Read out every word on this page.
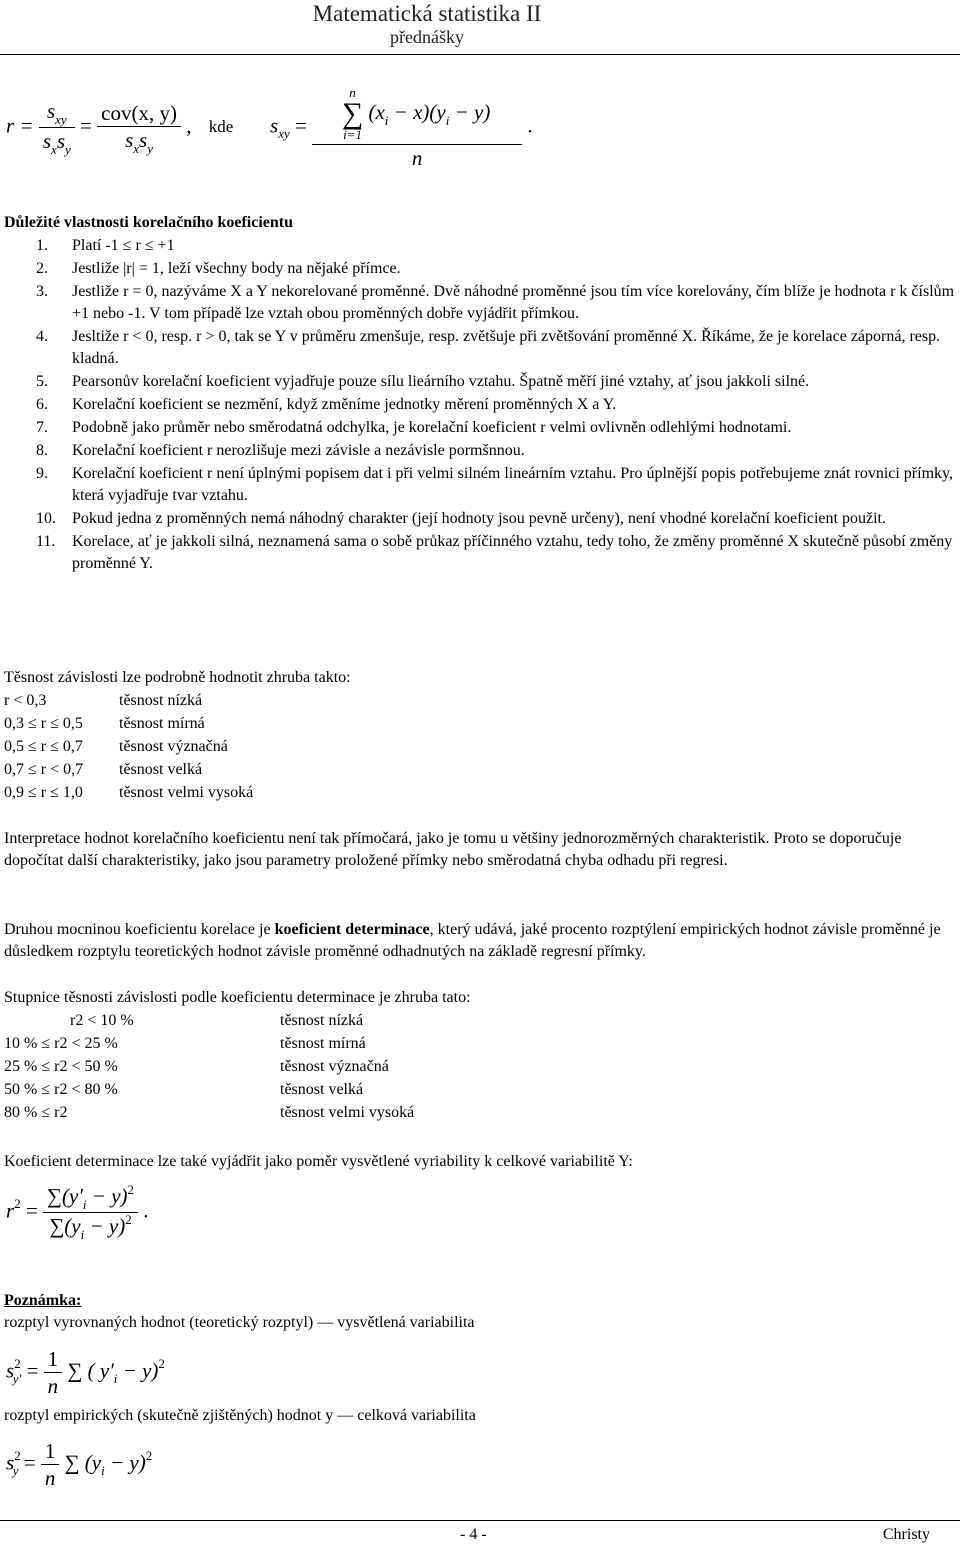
Matematická statistika II
přednášky
$r = \frac{s_{xy}}{s_xs_y} = \frac{\text{cov(x, y)}}{s_xs_y}$ , kde $s_{xy} = n$
∑
i=1
$(x_i - x)(y_i - y)$
n .
Důležité vlastnosti korelačního koeficientu
1. Platí -1 ≤ r ≤ +1
2. Jestliže |r| = 1, leží všechny body na nějaké přímce.
3. Jestliže r = 0, nazýváme X a Y nekorelované proměnné. Dvě náhodné proměnné jsou tím více korelovány, čím blíže je hodnota r k číslům +1 nebo -1. V tom případě lze vztah obou proměnných dobře vyjádřit přímkou.
4. Jesltiže r < 0, resp. r > 0, tak se Y v průměru zmenšuje, resp. zvětšuje při zvětšování proměnné X. Říkáme, že je korelace záporná, resp. kladná.
5. Pearsonův korelační koeficient vyjadřuje pouze sílu lieárního vztahu. Špatně měří jiné vztahy, ať jsou jakkoli silné.
6. Korelační koeficient se nezmění, když změníme jednotky měrení proměnných X a Y.
7. Podobně jako průměr nebo směrodatná odchylka, je korelační koeficient r velmi ovlivněn odlehlými hodnotami.
8. Korelační koeficient r nerozlišuje mezi závisle a nezávisle pormšnnou.
9. Korelační koeficient r není úplnými popisem dat i při velmi silném lineárním vztahu. Pro úplnější popis potřebujeme znát rovnici přímky, která vyjadřuje tvar vztahu.
10. Pokud jedna z proměnných nemá náhodný charakter (její hodnoty jsou pevně určeny), není vhodné korelační koeficient použit.
11. Korelace, ať je jakkoli silná, neznamená sama o sobě průkaz příčinného vztahu, tedy toho, že změny proměnné X skutečně působí změny proměnné Y.
Těsnost závislosti lze podrobně hodnotit zhruba takto:
r < 0,3	těsnost nízká
0,3 ≤ r ≤ 0,5 těsnost mírná
0,5 ≤ r ≤ 0,7 těsnost význačná
0,7 ≤ r < 0,7 těsnost velká
0,9 ≤ r ≤ 1,0 těsnost velmi vysoká
Interpretace hodnot korelačního koeficientu není tak přímočará, jako je tomu u většiny jednorozměrných charakteristik. Proto se doporučuje dopočítat další charakteristiky, jako jsou parametry proložené přímky nebo směrodatná chyba odhadu při regresi.
Druhou mocninou koeficientu korelace je koeficient determinace, který udává, jaké procento rozptýlení empirických hodnot závisle proměnné je důsledkem rozptylu teoretických hodnot závisle proměnné odhadnutých na základě regresní přímky.
Stupnice těsnosti závislosti podle koeficientu determinace je zhruba tato:
r2 < 10 %	těsnost nízká
10 % ≤ r2 < 25 %	těsnost mírná
25 % ≤ r2 < 50 %	těsnost význačná
50 % ≤ r2 < 80 %	těsnost velká
80 % ≤ r2	těsnost velmi vysoká
Koeficient determinace lze také vyjádřit jako poměr vysvětlené vyriability k celkové variabilitě Y:
$r^2 = \frac{\sum(y'_i - y)^2}{\sum(y_i - y)^2}$ .
Poznámka:
rozptyl vyrovnaných hodnot (teoretický rozptyl) — vysvětlená variabilita
$s^2_{y'} = \frac{1}{n}$ ∑ ( $y'_i - y)^2$
rozptyl empirických (skutečně zjištěných) hodnot y — celková variabilita
$s^2_y = \frac{1}{n}$ ∑ $(y_i - y)^2$
- 4 -	Christy
